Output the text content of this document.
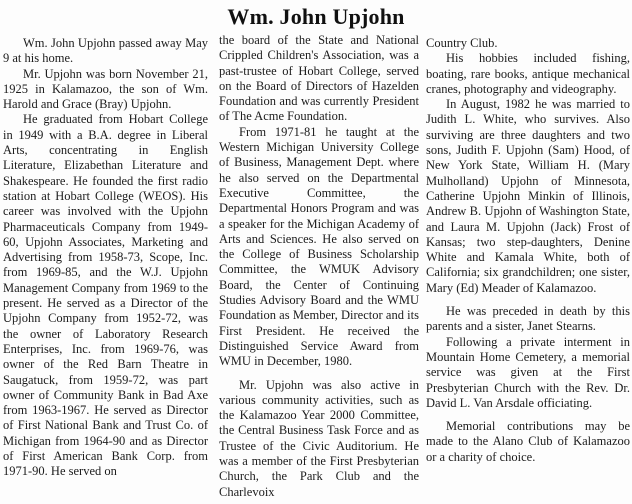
Wm. John Upjohn

Wm. John Upjohn passed away May 9 at his home.

Mr. Upjohn was born November 21, 1925 in Kalamazoo, the son of Wm. Harold and Grace (Bray) Upjohn.

He graduated from Hobart College in 1949 with a B.A. degree in Liberal Arts, concentrating in English Literature, Elizabethan Literature and Shakespeare. He founded the first radio station at Hobart College (WEOS). His career was involved with the Upjohn Pharmaceuticals Company from 1949-60, Upjohn Associates, Marketing and Advertising from 1958-73, Scope, Inc. from 1969-85, and the W.J. Upjohn Management Company from 1969 to the present. He served as a Director of the Upjohn Company from 1952-72, was the owner of Laboratory Research Enterprises, Inc. from 1969-76, was owner of the Red Barn Theatre in Saugatuck, from 1959-72, was part owner of Community Bank in Bad Axe from 1963-1967. He served as Director of First National Bank and Trust Co. of Michigan from 1964-90 and as Director of First American Bank Corp. from 1971-90. He served on

the board of the State and National Crippled Children's Association, was a past-trustee of Hobart College, served on the Board of Directors of Hazelden Foundation and was currently President of The Acme Foundation.

From 1971-81 he taught at the Western Michigan University College of Business, Management Dept. where he also served on the Departmental Executive Committee, the Departmental Honors Program and was a speaker for the Michigan Academy of Arts and Sciences. He also served on the College of Business Scholarship Committee, the WMUK Advisory Board, the Center of Continuing Studies Advisory Board and the WMU Foundation as Member, Director and its First President. He received the Distinguished Service Award from WMU in December, 1980.

Mr. Upjohn was also active in various community activities, such as the Kalamazoo Year 2000 Committee, the Central Business Task Force and as Trustee of the Civic Auditorium. He was a member of the First Presbyterian Church, the Park Club and the Charlevoix

Country Club.

His hobbies included fishing, boating, rare books, antique mechanical cranes, photography and videography.

In August, 1982 he was married to Judith L. White, who survives. Also surviving are three daughters and two sons, Judith F. Upjohn (Sam) Hood, of New York State, William H. (Mary Mulholland) Upjohn of Minnesota, Catherine Upjohn Minkin of Illinois, Andrew B. Upjohn of Washington State, and Laura M. Upjohn (Jack) Frost of Kansas; two step-daughters, Denine White and Kamala White, both of California; six grandchildren; one sister, Mary (Ed) Meader of Kalamazoo.

He was preceded in death by this parents and a sister, Janet Stearns.

Following a private interment in Mountain Home Cemetery, a memorial service was given at the First Presbyterian Church with the Rev. Dr. David L. Van Arsdale officiating.

Memorial contributions may be made to the Alano Club of Kalamazoo or a charity of choice.
